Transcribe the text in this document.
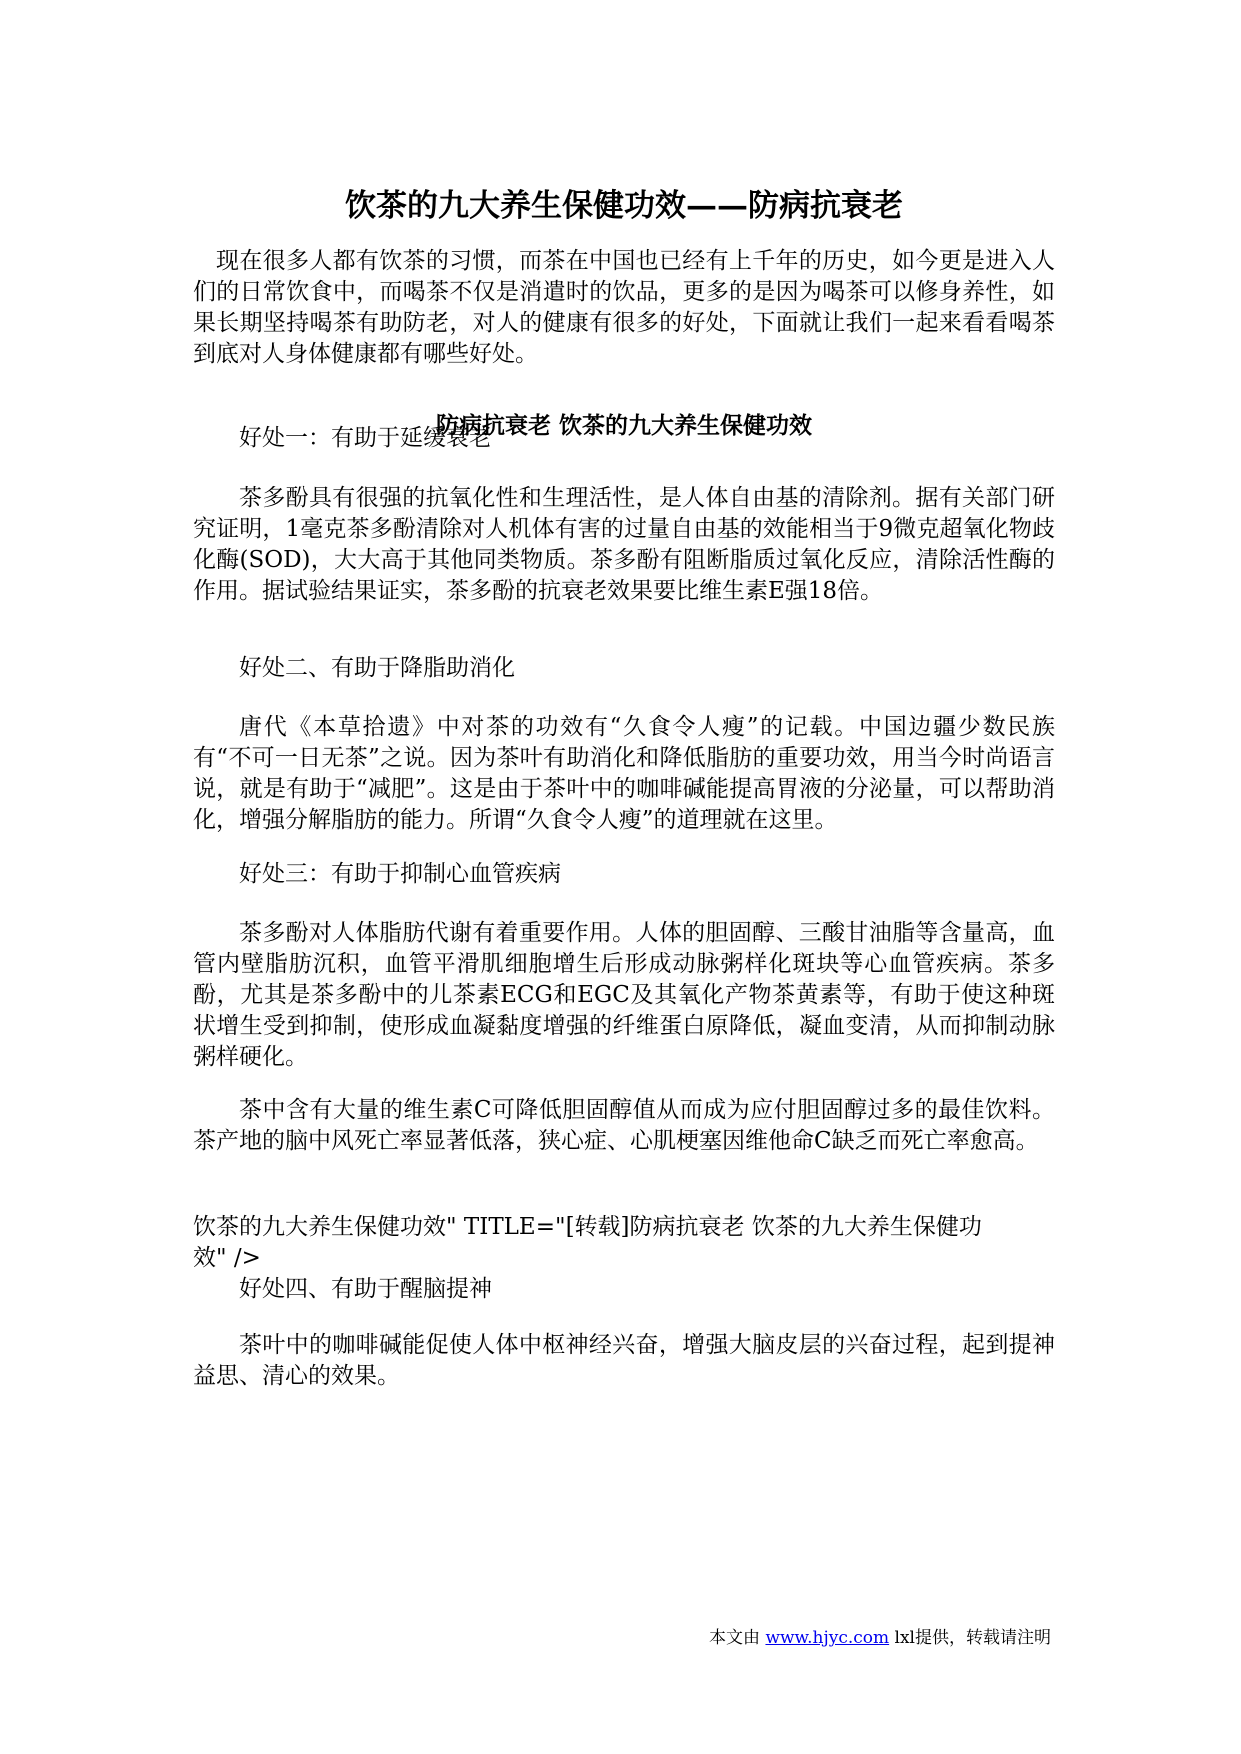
饮茶的九大养生保健功效——防病抗衰老
现在很多人都有饮茶的习惯，而茶在中国也已经有上千年的历史，如今更是进入人们的日常饮食中，而喝茶不仅是消遣时的饮品，更多的是因为喝茶可以修身养性，如果长期坚持喝茶有助防老，对人的健康有很多的好处，下面就让我们一起来看看喝茶到底对人身体健康都有哪些好处。
防病抗衰老 饮茶的九大养生保健功效
好处一：有助于延缓衰老
茶多酚具有很强的抗氧化性和生理活性，是人体自由基的清除剂。据有关部门研究证明，1毫克茶多酚清除对人机体有害的过量自由基的效能相当于9微克超氧化物歧化酶(SOD)，大大高于其他同类物质。茶多酚有阻断脂质过氧化反应，清除活性酶的作用。据试验结果证实，茶多酚的抗衰老效果要比维生素E强18倍。
好处二、有助于降脂助消化
唐代《本草拾遗》中对茶的功效有“久食令人瘦”的记载。中国边疆少数民族有“不可一日无茶”之说。因为茶叶有助消化和降低脂肪的重要功效，用当今时尚语言说，就是有助于“减肥”。这是由于茶叶中的咖啡碱能提高胃液的分泌量，可以帮助消化，增强分解脂肪的能力。所谓“久食令人瘦”的道理就在这里。
好处三：有助于抑制心血管疾病
茶多酚对人体脂肪代谢有着重要作用。人体的胆固醇、三酸甘油脂等含量高，血管内壁脂肪沉积，血管平滑肌细胞增生后形成动脉粥样化斑块等心血管疾病。茶多酚，尤其是茶多酚中的儿茶素ECG和EGC及其氧化产物茶黄素等，有助于使这种斑状增生受到抑制，使形成血凝黏度增强的纤维蛋白原降低，凝血变清，从而抑制动脉粥样硬化。
茶中含有大量的维生素C可降低胆固醇值从而成为应付胆固醇过多的最佳饮料。茶产地的脑中风死亡率显著低落，狭心症、心肌梗塞因维他命C缺乏而死亡率愈高。
饮茶的九大养生保健功效" TITLE="[转载]防病抗衰老 饮茶的九大养生保健功
效" />
好处四、有助于醒脑提神
茶叶中的咖啡碱能促使人体中枢神经兴奋，增强大脑皮层的兴奋过程，起到提神益思、清心的效果。
本文由 www.hjyc.com lxl提供，转载请注明
